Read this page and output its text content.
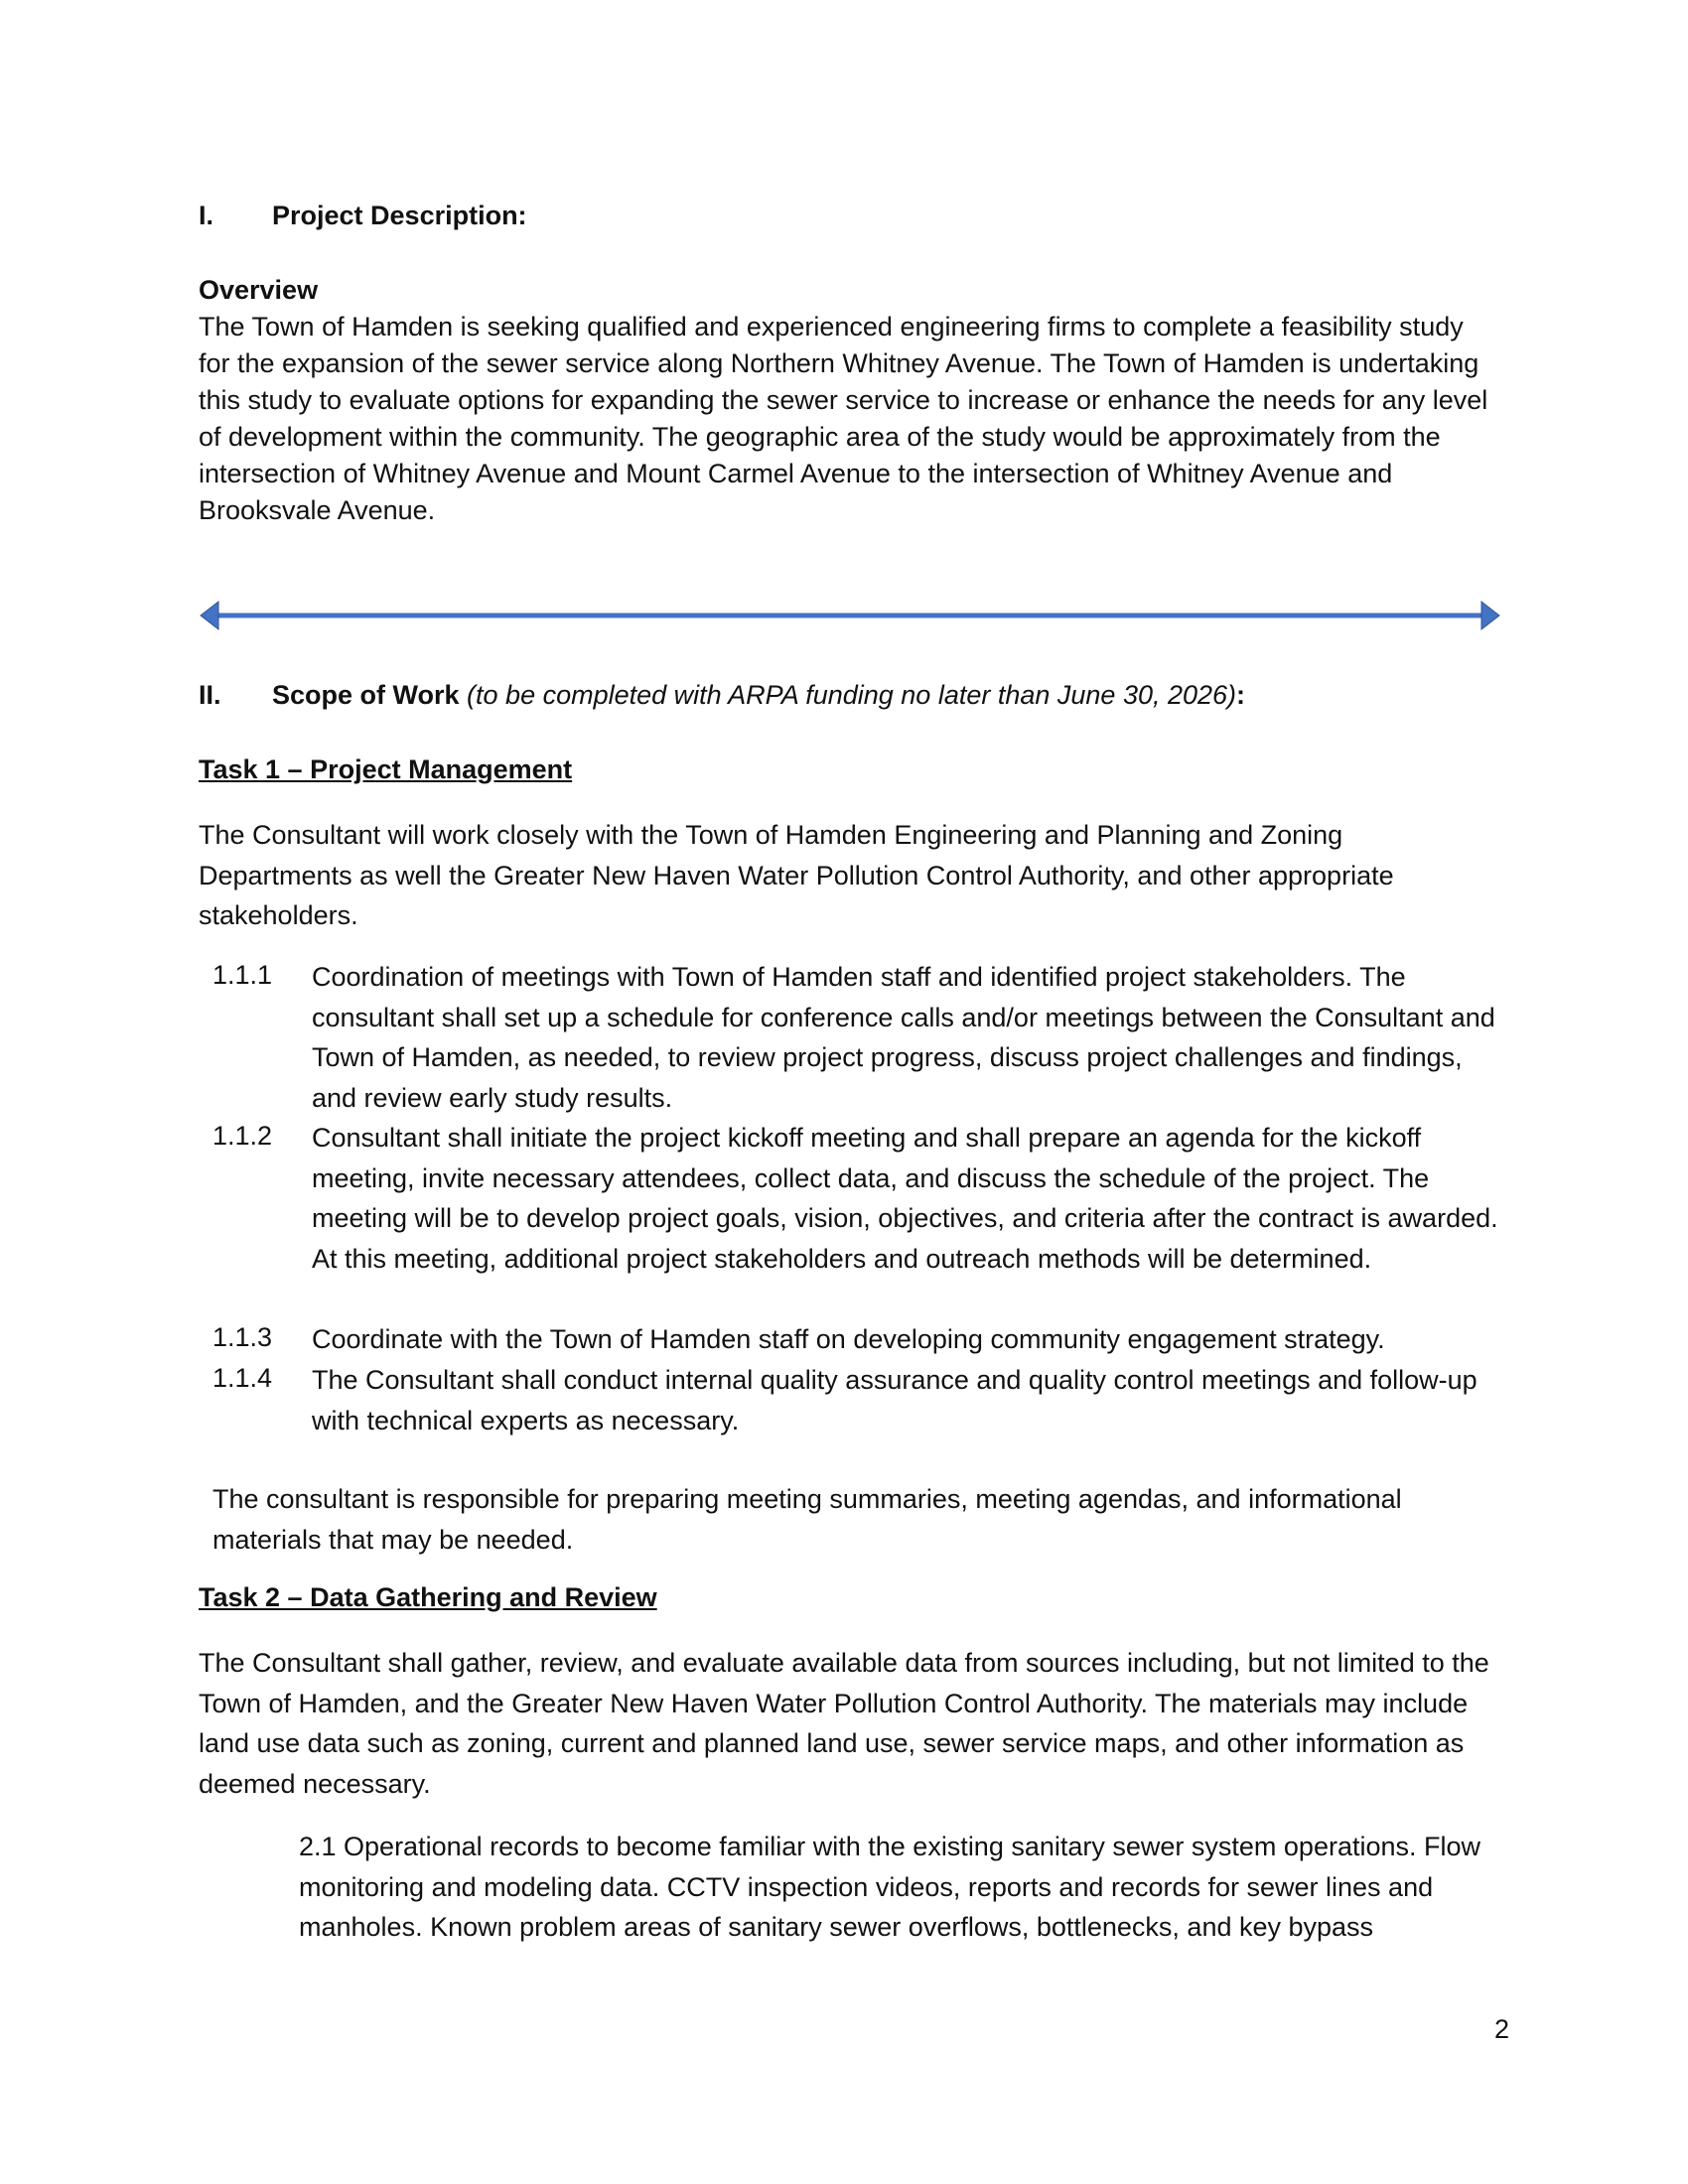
I. Project Description:
Overview
The Town of Hamden is seeking qualified and experienced engineering firms to complete a feasibility study for the expansion of the sewer service along Northern Whitney Avenue. The Town of Hamden is undertaking this study to evaluate options for expanding the sewer service to increase or enhance the needs for any level of development within the community. The geographic area of the study would be approximately from the intersection of Whitney Avenue and Mount Carmel Avenue to the intersection of Whitney Avenue and Brooksvale Avenue.
II. Scope of Work (to be completed with ARPA funding no later than June 30, 2026):
Task 1 – Project Management
The Consultant will work closely with the Town of Hamden Engineering and Planning and Zoning Departments as well the Greater New Haven Water Pollution Control Authority, and other appropriate stakeholders.
1.1.1	Coordination of meetings with Town of Hamden staff and identified project stakeholders. The consultant shall set up a schedule for conference calls and/or meetings between the Consultant and Town of Hamden, as needed, to review project progress, discuss project challenges and findings, and review early study results.
1.1.2	Consultant shall initiate the project kickoff meeting and shall prepare an agenda for the kickoff meeting, invite necessary attendees, collect data, and discuss the schedule of the project. The meeting will be to develop project goals, vision, objectives, and criteria after the contract is awarded. At this meeting, additional project stakeholders and outreach methods will be determined.
1.1.3	Coordinate with the Town of Hamden staff on developing community engagement strategy.
1.1.4	The Consultant shall conduct internal quality assurance and quality control meetings and follow-up with technical experts as necessary.
The consultant is responsible for preparing meeting summaries, meeting agendas, and informational materials that may be needed.
Task 2 – Data Gathering and Review
The Consultant shall gather, review, and evaluate available data from sources including, but not limited to the Town of Hamden, and the Greater New Haven Water Pollution Control Authority. The materials may include land use data such as zoning, current and planned land use, sewer service maps, and other information as deemed necessary.
2.1 Operational records to become familiar with the existing sanitary sewer system operations. Flow monitoring and modeling data. CCTV inspection videos, reports and records for sewer lines and manholes. Known problem areas of sanitary sewer overflows, bottlenecks, and key bypass
2
